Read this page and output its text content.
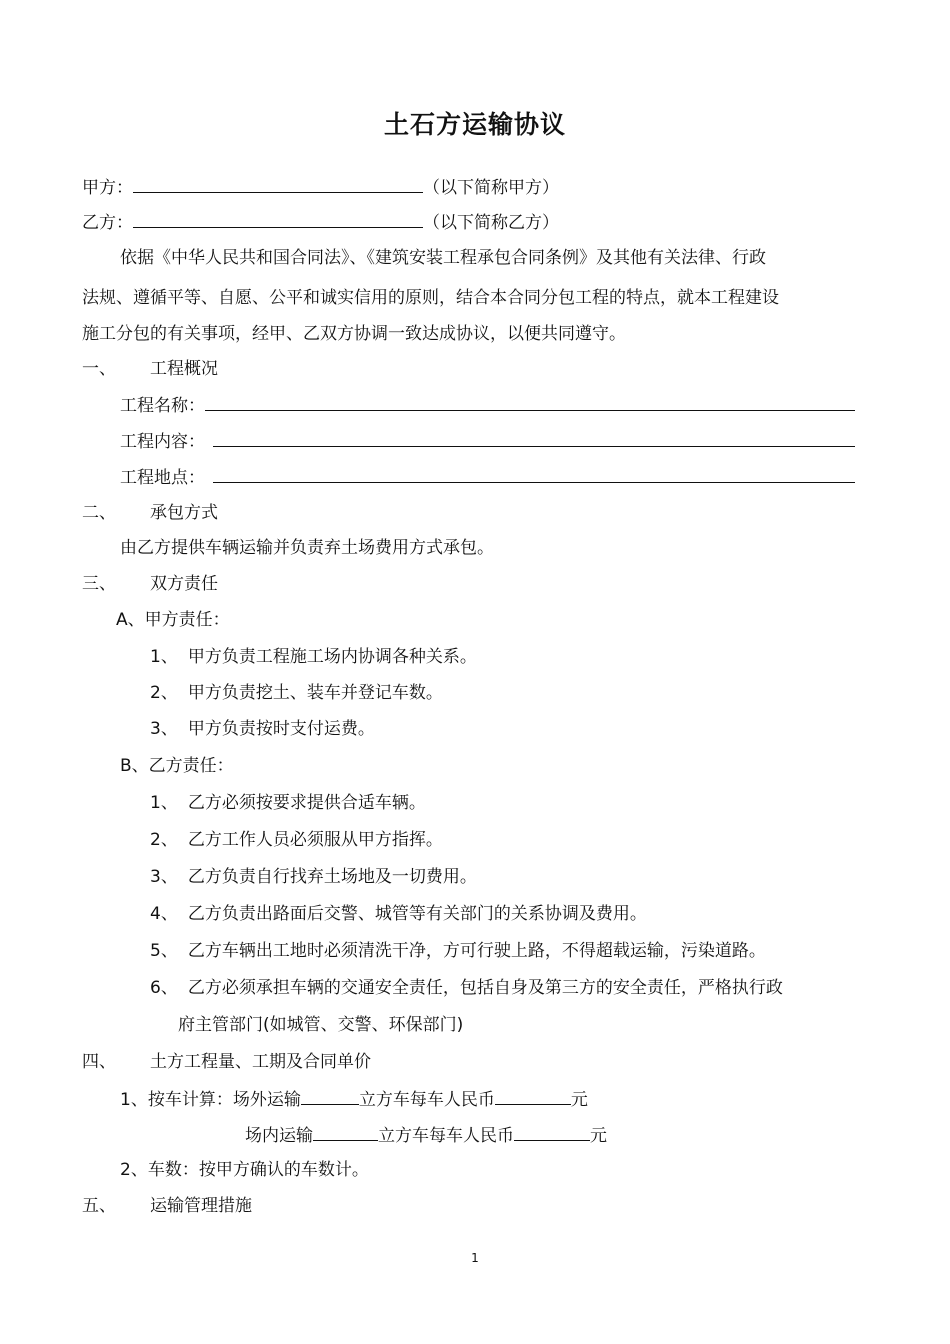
土石方运输协议
甲方：	（以下简称甲方）
乙方：	（以下简称乙方）
依据《中华人民共和国合同法》、《建筑安装工程承包合同条例》及其他有关法律、行政
法规、遵循平等、自愿、公平和诚实信用的原则，结合本合同分包工程的特点，就本工程建设
施工分包的有关事项，经甲、乙双方协调一致达成协议，以便共同遵守。
一、 工程概况
工程名称：
工程内容：
工程地点：
二、 承包方式
由乙方提供车辆运输并负责弃土场费用方式承包。
三、 双方责任
A、甲方责任：
1、 甲方负责工程施工场内协调各种关系。
2、 甲方负责挖土、装车并登记车数。
3、 甲方负责按时支付运费。
B、乙方责任：
1、 乙方必须按要求提供合适车辆。
2、 乙方工作人员必须服从甲方指挥。
3、 乙方负责自行找弃土场地及一切费用。
4、 乙方负责出路面后交警、城管等有关部门的关系协调及费用。
5、 乙方车辆出工地时必须清洗干净，方可行驶上路，不得超载运输，污染道路。
6、 乙方必须承担车辆的交通安全责任，包括自身及第三方的安全责任，严格执行政
府主管部门(如城管、交警、环保部门)
四、 土方工程量、工期及合同单价
1、按车计算：场外运输	立方车每车人民币	元
场内运输	立方车每车人民币	元
2、车数：按甲方确认的车数计。
五、 运输管理措施
1
